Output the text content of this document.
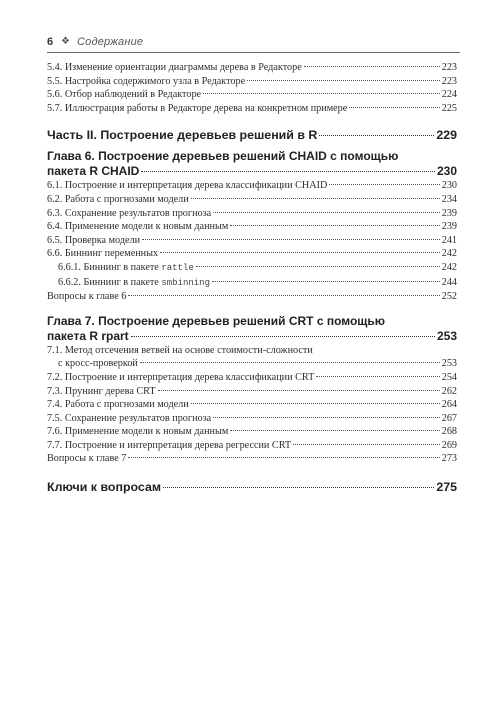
6 ❖ Содержание
5.4. Изменение ориентации диаграммы дерева в Редакторе	223
5.5. Настройка содержимого узла в Редакторе	223
5.6. Отбор наблюдений в Редакторе	224
5.7. Иллюстрация работы в Редакторе дерева на конкретном примере	225
Часть II. Построение деревьев решений в R	229
Глава 6. Построение деревьев решений CHAID с помощью
пакета R CHAID	230
6.1. Построение и интерпретация дерева классификации CHAID	230
6.2. Работа с прогнозами модели	234
6.3. Сохранение результатов прогноза	239
6.4. Применение модели к новым данным	239
6.5. Проверка модели	241
6.6. Биннинг переменных	242
6.6.1. Биннинг в пакете rattle	242
6.6.2. Биннинг в пакете smbinning	244
Вопросы к главе 6	252
Глава 7. Построение деревьев решений CRT с помощью
пакета R rpart	253
7.1. Метод отсечения ветвей на основе стоимости-сложности
с кросс-проверкой	253
7.2. Построение и интерпретация дерева классификации CRT	254
7.3. Прунинг дерева CRT	262
7.4. Работа с прогнозами модели	264
7.5. Сохранение результатов прогноза	267
7.6. Применение модели к новым данным	268
7.7. Построение и интерпретация дерева регрессии CRT	269
Вопросы к главе 7	273
Ключи к вопросам	275
